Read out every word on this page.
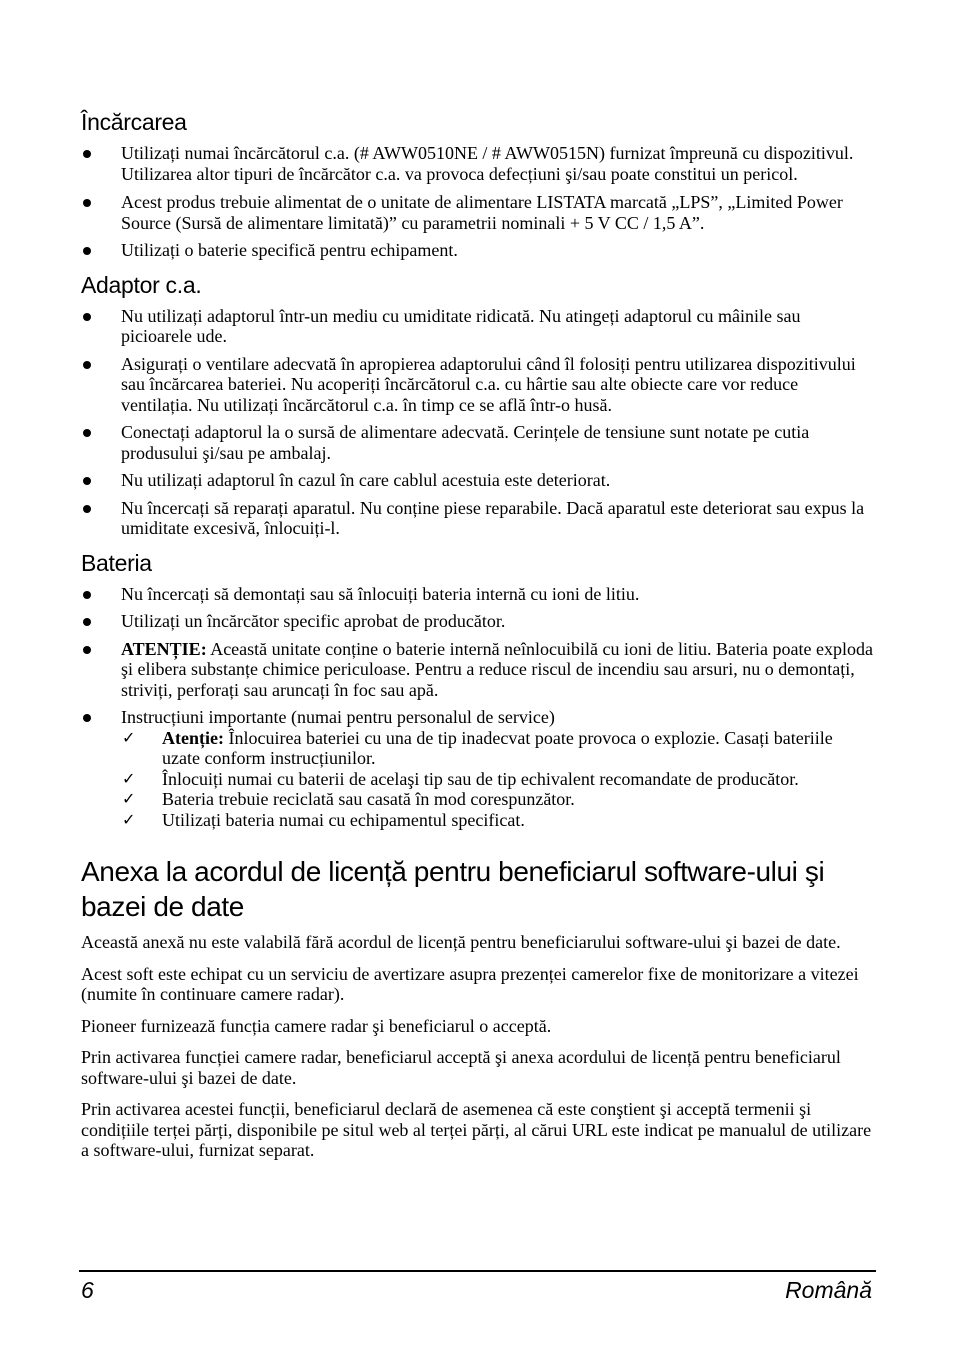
Încărcarea
Utilizați numai încărcătorul c.a. (# AWW0510NE / # AWW0515N) furnizat împreună cu dispozitivul. Utilizarea altor tipuri de încărcător c.a. va provoca defecțiuni şi/sau poate constitui un pericol.
Acest produs trebuie alimentat de o unitate de alimentare LISTATA marcată „LPS”, „Limited Power Source (Sursă de alimentare limitată)” cu parametrii nominali + 5 V CC / 1,5 A”.
Utilizați o baterie specifică pentru echipament.
Adaptor c.a.
Nu utilizați adaptorul într-un mediu cu umiditate ridicată. Nu atingeți adaptorul cu mâinile sau picioarele ude.
Asigurați o ventilare adecvată în apropierea adaptorului când îl folosiți pentru utilizarea dispozitivului sau încărcarea bateriei. Nu acoperiți încărcătorul c.a. cu hârtie sau alte obiecte care vor reduce ventilația. Nu utilizați încărcătorul c.a. în timp ce se află într-o husă.
Conectați adaptorul la o sursă de alimentare adecvată. Cerințele de tensiune sunt notate pe cutia produsului şi/sau pe ambalaj.
Nu utilizați adaptorul în cazul în care cablul acestuia este deteriorat.
Nu încercați să reparați aparatul. Nu conține piese reparabile. Dacă aparatul este deteriorat sau expus la umiditate excesivă, înlocuiți-l.
Bateria
Nu încercați să demontați sau să înlocuiți bateria internă cu ioni de litiu.
Utilizați un încărcător specific aprobat de producător.
ATENȚIE: Această unitate conține o baterie internă neînlocuibilă cu ioni de litiu. Bateria poate exploda şi elibera substanțe chimice periculoase. Pentru a reduce riscul de incendiu sau arsuri, nu o demontați, striviți, perforați sau aruncați în foc sau apă.
Instrucțiuni importante (numai pentru personalul de service)
✓ Atenție: Înlocuirea bateriei cu una de tip inadecvat poate provoca o explozie. Casați bateriile uzate conform instrucțiunilor.
✓ Înlocuiți numai cu baterii de acelaşi tip sau de tip echivalent recomandate de producător.
✓ Bateria trebuie reciclată sau casată în mod corespunzător.
✓ Utilizați bateria numai cu echipamentul specificat.
Anexa la acordul de licență pentru beneficiarul software-ului şi bazei de date

Această anexă nu este valabilă fără acordul de licență pentru beneficiarului software-ului şi bazei de date.

Acest soft este echipat cu un serviciu de avertizare asupra prezenței camerelor fixe de monitorizare a vitezei (numite în continuare camere radar).

Pioneer furnizează funcția camere radar şi beneficiarul o acceptă.

Prin activarea funcției camere radar, beneficiarul acceptă şi anexa acordului de licență pentru beneficiarul software-ului şi bazei de date.

Prin activarea acestei funcții, beneficiarul declară de asemenea că este conştient şi acceptă termenii şi condițiile terței părți, disponibile pe situl web al terței părți, al cărui URL este indicat pe manualul de utilizare a software-ului, furnizat separat.

6	Română
